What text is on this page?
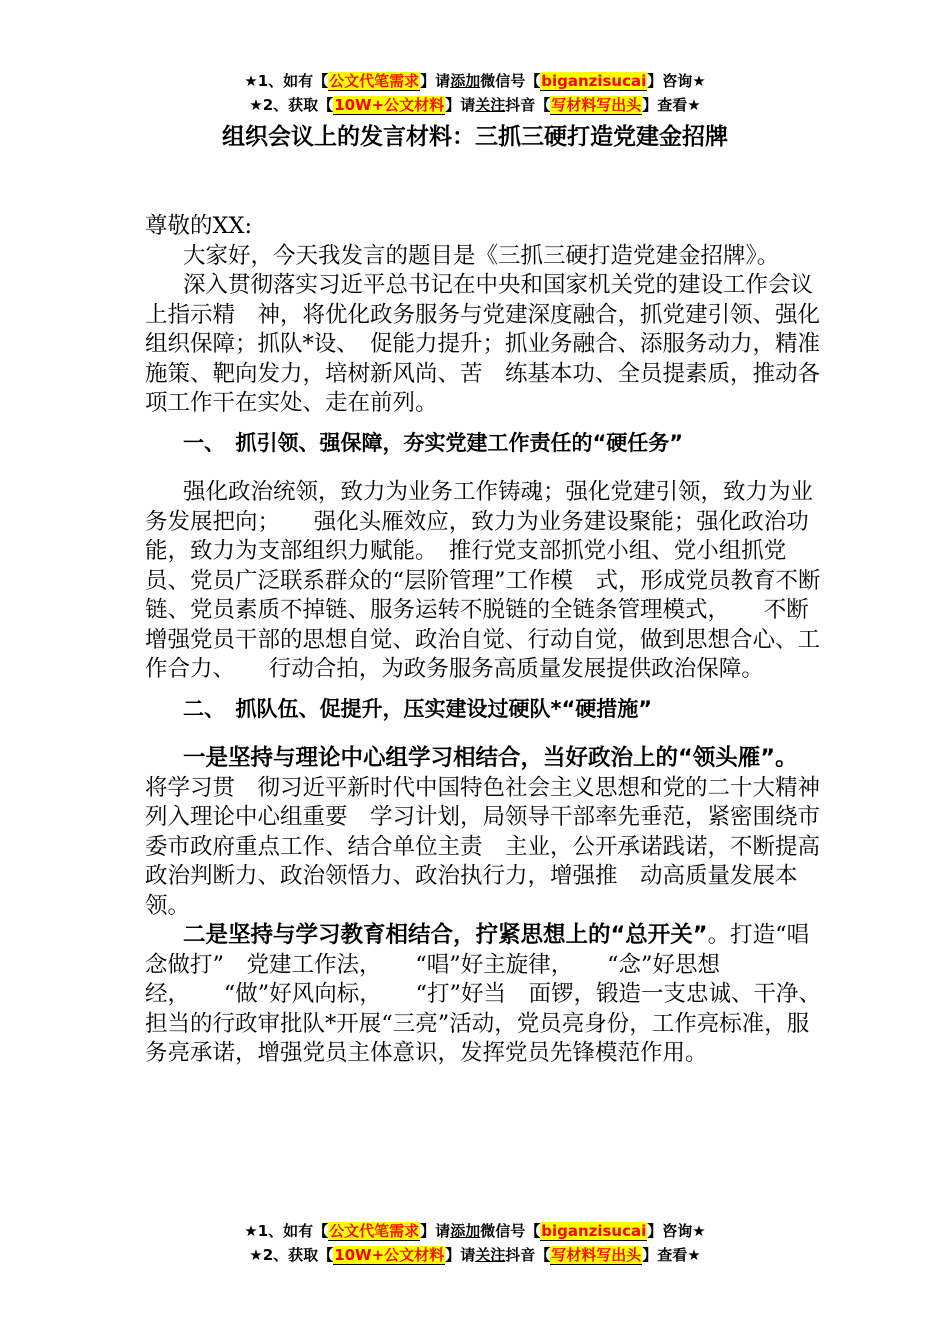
★1、如有【公文代笔需求】请添加微信号【biganzisucai】咨询★
★2、获取【10W+公文材料】请关注抖音【写材料写出头】查看★
组织会议上的发言材料：三抓三硬打造党建金招牌

尊敬的XX:

大家好，今天我发言的题目是《三抓三硬打造党建金招牌》。

深入贯彻落实习近平总书记在中央和国家机关党的建设工作会议上指示精　神，将优化政务服务与党建深度融合，抓党建引领、强化组织保障；抓队*设、　促能力提升；抓业务融合、添服务动力，精准施策、靶向发力，培树新风尚、苦　练基本功、全员提素质，推动各项工作干在实处、走在前列。

一、　抓引领、强保障，夯实党建工作责任的“硬任务”

强化政治统领，致力为业务工作铸魂；强化党建引领，致力为业务发展把向；　　强化头雁效应，致力为业务建设聚能；强化政治功能，致力为支部组织力赋能。　推行党支部抓党小组、党小组抓党员、党员广泛联系群众的“层阶管理”工作模　式，形成党员教育不断链、党员素质不掉链、服务运转不脱链的全链条管理模式，　　不断增强党员干部的思想自觉、政治自觉、行动自觉，做到思想合心、工作合力、　　行动合拍，为政务服务高质量发展提供政治保障。

二、　抓队伍、促提升，压实建设过硬队*“硬措施”

一是坚持与理论中心组学习相结合，当好政治上的“领头雁”。　将学习贯　彻习近平新时代中国特色社会主义思想和党的二十大精神列入理论中心组重要　学习计划，局领导干部率先垂范，紧密围绕市委市政府重点工作、结合单位主责　主业，公开承诺践诺，不断提高政治判断力、政治领悟力、政治执行力，增强推　动高质量发展本领。

二是坚持与学习教育相结合，拧紧思想上的“总开关”。打造“唱念做打”　党建工作法，　　“唱”好主旋律，　　“念”好思想经，　　“做”好风向标，　　“打”好当　面锣，锻造一支忠诚、干净、担当的行政审批队*开展“三亮”活动，党员亮身份，工作亮标准，服务亮承诺，增强党员主体意识，发挥党员先锋模范作用。

★1、如有【公文代笔需求】请添加微信号【biganzisucai】咨询★
★2、获取【10W+公文材料】请关注抖音【写材料写出头】查看★
